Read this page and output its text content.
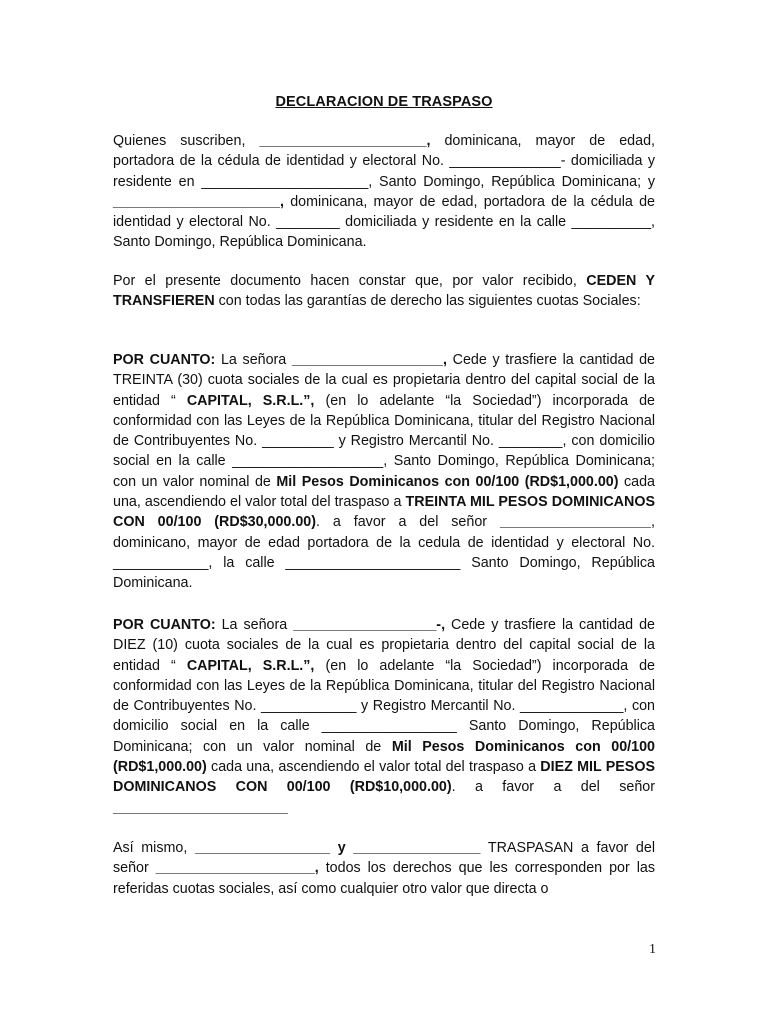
DECLARACION DE TRASPASO
Quienes suscriben, _____________________, dominicana, mayor de edad, portadora de la cédula de identidad y electoral No. ______________- domiciliada y residente en _____________________, Santo Domingo, República Dominicana; y _____________________, dominicana, mayor de edad, portadora de la cédula de identidad y electoral No. ________ domiciliada y residente en la calle __________, Santo Domingo, República Dominicana.
Por el presente documento hacen constar que, por valor recibido, CEDEN Y TRANSFIEREN con todas las garantías de derecho las siguientes cuotas Sociales:
POR CUANTO: La señora ___________________, Cede y trasfiere la cantidad de TREINTA (30) cuota sociales de la cual es propietaria dentro del capital social de la entidad “ CAPITAL, S.R.L.”, (en lo adelante “la Sociedad”) incorporada de conformidad con las Leyes de la República Dominicana, titular del Registro Nacional de Contribuyentes No. _________ y Registro Mercantil No. ________, con domicilio social en la calle ___________________, Santo Domingo, República Dominicana; con un valor nominal de Mil Pesos Dominicanos con 00/100 (RD$1,000.00) cada una, ascendiendo el valor total del traspaso a TREINTA MIL PESOS DOMINICANOS CON 00/100 (RD$30,000.00). a favor a del señor ___________________, dominicano, mayor de edad portadora de la cedula de identidad y electoral No. ____________, la calle ______________________ Santo Domingo, República Dominicana.
POR CUANTO: La señora __________________-, Cede y trasfiere la cantidad de DIEZ (10) cuota sociales de la cual es propietaria dentro del capital social de la entidad “ CAPITAL, S.R.L.”, (en lo adelante “la Sociedad”) incorporada de conformidad con las Leyes de la República Dominicana, titular del Registro Nacional de Contribuyentes No. ____________ y Registro Mercantil No. _____________, con domicilio social en la calle _________________ Santo Domingo, República Dominicana; con un valor nominal de Mil Pesos Dominicanos con 00/100 (RD$1,000.00) cada una, ascendiendo el valor total del traspaso a DIEZ MIL PESOS DOMINICANOS CON 00/100 (RD$10,000.00). a favor a del señor ______________________
Así mismo, _________________ y ________________ TRASPASAN a favor del señor ____________________, todos los derechos que les corresponden por las referidas cuotas sociales, así como cualquier otro valor que directa o
1
